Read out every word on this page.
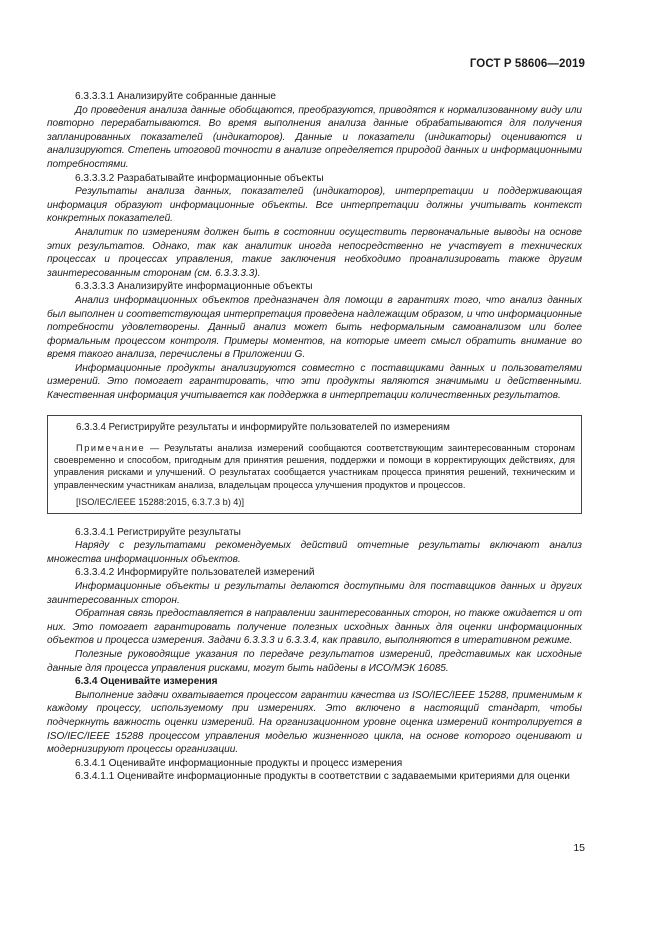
ГОСТ Р 58606—2019

6.3.3.3.1 Анализируйте собранные данные

До проведения анализа данные обобщаются, преобразуются, приводятся к нормализованному виду или повторно перерабатываются. Во время выполнения анализа данные обрабатываются для получения запланированных показателей (индикаторов). Данные и показатели (индикаторы) оцениваются и анализируются. Степень итоговой точности в анализе определяется природой данных и информационными потребностями.

6.3.3.3.2 Разрабатывайте информационные объекты

Результаты анализа данных, показателей (индикаторов), интерпретации и поддерживающая информация образуют информационные объекты. Все интерпретации должны учитывать контекст конкретных показателей.

Аналитик по измерениям должен быть в состоянии осуществить первоначальные выводы на основе этих результатов. Однако, так как аналитик иногда непосредственно не участвует в технических процессах и процессах управления, такие заключения необходимо проанализировать также другим заинтересованным сторонам (см. 6.3.3.3.3).

6.3.3.3.3 Анализируйте информационные объекты

Анализ информационных объектов предназначен для помощи в гарантиях того, что анализ данных был выполнен и соответствующая интерпретация проведена надлежащим образом, и что информационные потребности удовлетворены. Данный анализ может быть неформальным самоанализом или более формальным процессом контроля. Примеры моментов, на которые имеет смысл обратить внимание во время такого анализа, перечислены в Приложении G.

Информационные продукты анализируются совместно с поставщиками данных и пользователями измерений. Это помогает гарантировать, что эти продукты являются значимыми и действенными. Качественная информация учитывается как поддержка в интерпретации количественных результатов.

6.3.3.4 Регистрируйте результаты и информируйте пользователей по измерениям

Примечание — Результаты анализа измерений сообщаются соответствующим заинтересованным сторонам своевременно и способом, пригодным для принятия решения, поддержки и помощи в корректирующих действиях, для управления рисками и улучшений. О результатах сообщается участникам процесса принятия решений, техническим и управленческим участникам анализа, владельцам процесса улучшения продуктов и процессов.

[ISO/IEC/IEEE 15288:2015, 6.3.7.3 b) 4)]

6.3.3.4.1 Регистрируйте результаты

Наряду с результатами рекомендуемых действий отчетные результаты включают анализ множества информационных объектов.

6.3.3.4.2 Информируйте пользователей измерений

Информационные объекты и результаты делаются доступными для поставщиков данных и других заинтересованных сторон.

Обратная связь предоставляется в направлении заинтересованных сторон, но также ожидается и от них. Это помогает гарантировать получение полезных исходных данных для оценки информационных объектов и процесса измерения. Задачи 6.3.3.3 и 6.3.3.4, как правило, выполняются в итеративном режиме.

Полезные руководящие указания по передаче результатов измерений, представимых как исходные данные для процесса управления рисками, могут быть найдены в ИСО/МЭК 16085.

6.3.4 Оценивайте измерения

Выполнение задачи охватывается процессом гарантии качества из ISO/IEC/IEEE 15288, применимым к каждому процессу, используемому при измерениях. Это включено в настоящий стандарт, чтобы подчеркнуть важность оценки измерений. На организационном уровне оценка измерений контролируется в ISO/IEC/IEEE 15288 процессом управления моделью жизненного цикла, на основе которого оценивают и модернизируют процессы организации.

6.3.4.1 Оценивайте информационные продукты и процесс измерения

6.3.4.1.1 Оценивайте информационные продукты в соответствии с задаваемыми критериями для оценки

15
